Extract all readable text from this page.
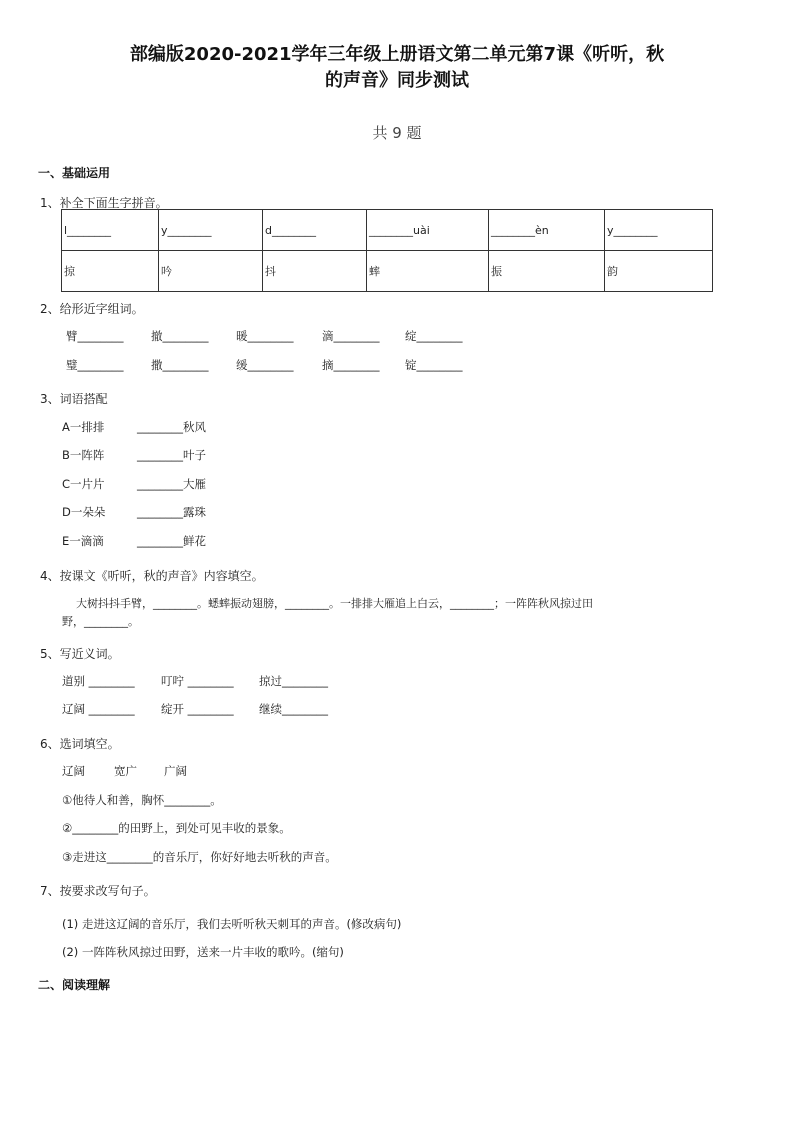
部编版2020-2021学年三年级上册语文第二单元第7课《听听，秋
的声音》同步测试
共 9 题
一、基础运用
1、补全下面生字拼音。
l________	y________	d________	________uài	________èn	y________
掠	吟	抖	蟀	振	韵
2、给形近字组词。
臂________ 撤________ 暖________ 滴________ 绽________
璧________ 撒________ 缓________ 摘________ 锭________
3、词语搭配
A一排排	________秋风
B一阵阵	________叶子
C一片片	________大雁
D一朵朵	________露珠
E一滴滴	________鲜花
4、按课文《听听，秋的声音》内容填空。
大树抖抖手臂，________。蟋蟀振动翅膀，________。一排排大雁追上白云，________；一阵阵秋风掠过田
野，________。
5、写近义词。
道别 ________ 叮咛 ________ 掠过________
辽阔 ________ 绽开 ________ 继续________
6、选词填空。
辽阔	宽广 广阔
①他待人和善，胸怀________。
②________的田野上，到处可见丰收的景象。
③走进这________的音乐厅，你好好地去听秋的声音。
7、按要求改写句子。
(1) 走进这辽阔的音乐厅，我们去听听秋天刺耳的声音。(修改病句)
(2) 一阵阵秋风掠过田野，送来一片丰收的歌吟。(缩句)
二、阅读理解
